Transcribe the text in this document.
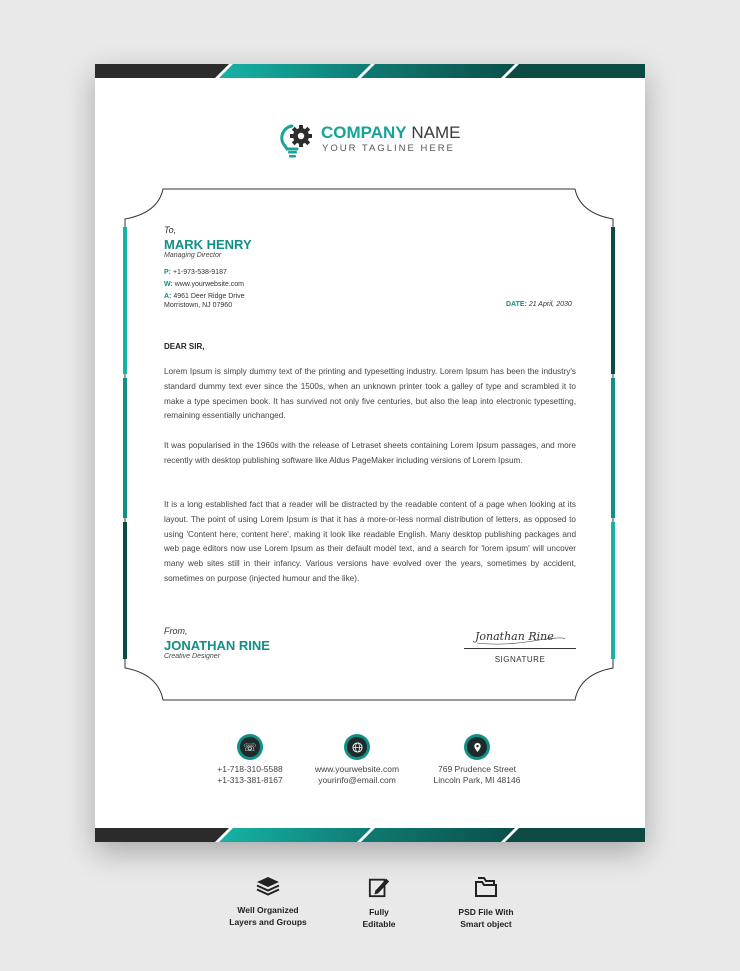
COMPANY NAME
YOUR TAGLINE HERE
To,
MARK HENRY
Managing Director
P: +1-973-538-9187
W: www.yourwebsite.com
A: 4961 Deer Ridge Drive
Morristown, NJ 07960	DATE: 21 April, 2030
DEAR SIR,

Lorem Ipsum is simply dummy text of the printing and typesetting industry. Lorem Ipsum has been the industry's standard dummy text ever since the 1500s, when an unknown printer took a galley of type and scrambled it to make a type specimen book. It has survived not only five centuries, but also the leap into electronic typesetting, remaining essentially unchanged.

It was popularised in the 1960s with the release of Letraset sheets containing Lorem Ipsum passages, and more recently with desktop publishing software like Aldus PageMaker including versions of Lorem Ipsum.

It is a long established fact that a reader will be distracted by the readable content of a page when looking at its layout. The point of using Lorem Ipsum is that it has a more-or-less normal distribution of letters, as opposed to using 'Content here, content here', making it look like readable English. Many desktop publishing packages and web page editors now use Lorem Ipsum as their default model text, and a search for 'lorem ipsum' will uncover many web sites still in their infancy. Various versions have evolved over the years, sometimes by accident, sometimes on purpose (injected humour and the like).

From,
JONATHAN RINE
Creative Designer
Jonathan Rine
SIGNATURE
☏
+1-718-310-5588
+1-313-381-8167
www.yourwebsite.com
yourinfo@email.com
769 Prudence Street
Lincoln Park, MI 48146
Well Organized
Layers and Groups
Fully
Editable
PSD File With
Smart object
